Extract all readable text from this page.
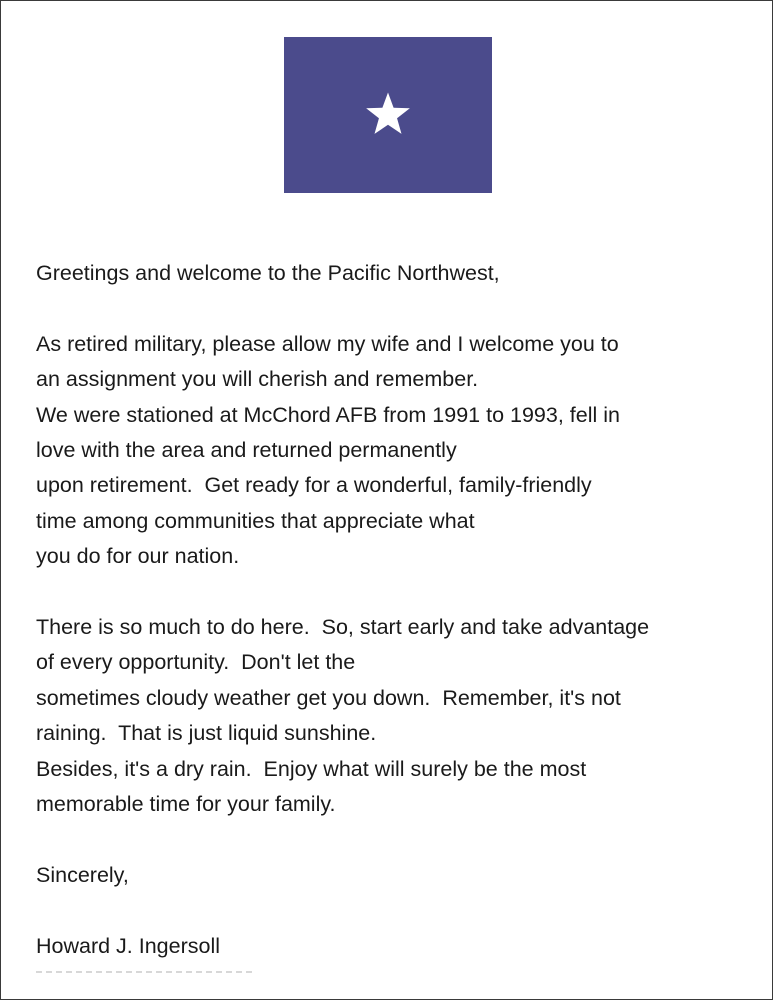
Greetings and welcome to the Pacific Northwest,
As retired military, please allow my wife and I welcome you to
an assignment you will cherish and remember.
We were stationed at McChord AFB from 1991 to 1993, fell in
love with the area and returned permanently
upon retirement.  Get ready for a wonderful, family-friendly
time among communities that appreciate what
you do for our nation.
There is so much to do here.  So, start early and take advantage
of every opportunity.  Don't let the
sometimes cloudy weather get you down.  Remember, it's not
raining.  That is just liquid sunshine.
Besides, it's a dry rain.  Enjoy what will surely be the most
memorable time for your family.
Sincerely,
Howard J. Ingersoll
